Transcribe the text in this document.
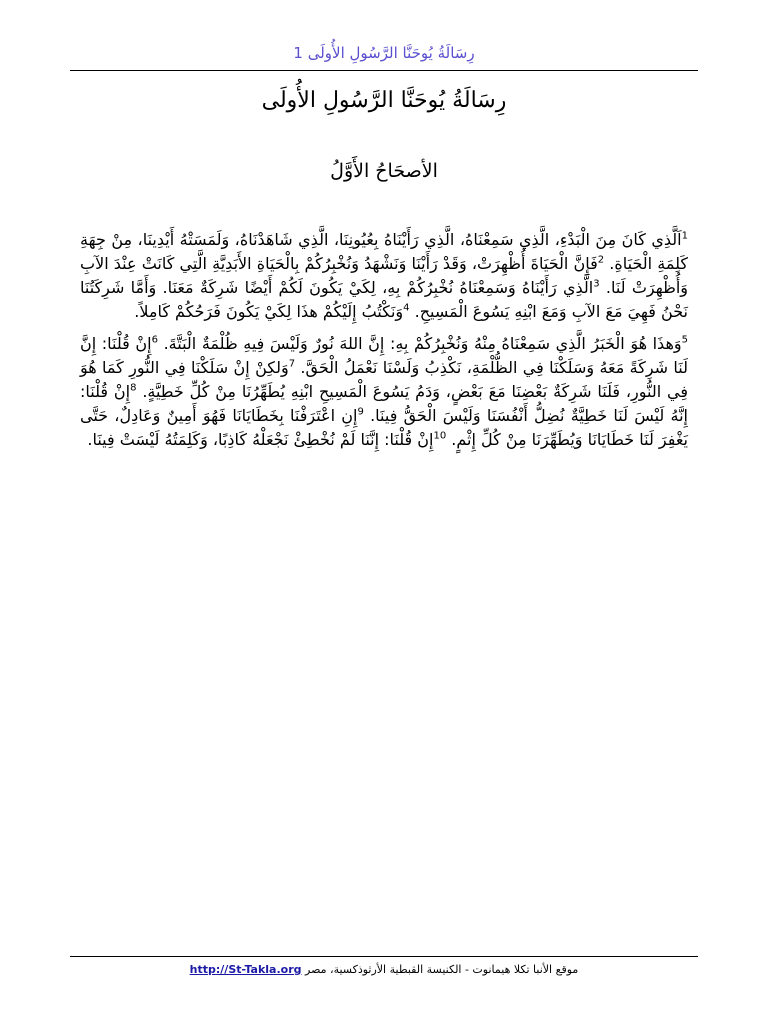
رِسَالَةُ يُوحَنَّا الرَّسُولِ الأُولَى 1
رِسَالَةُ يُوحَنَّا الرَّسُولِ الأُولَى
الأصحَاحُ الأَوَّلُ

$^1$اَلَّذِي كَانَ مِنَ الْبَدْءِ، الَّذِي سَمِعْنَاهُ، الَّذِي رَأَيْنَاهُ بِعُيُونِنَا، الَّذِي شَاهَدْنَاهُ، وَلَمَسَتْهُ أَيْدِينَا، مِنْ جِهَةِ كَلِمَةِ الْحَيَاةِ. $^2$فَإِنَّ الْحَيَاةَ أُظْهِرَتْ، وَقَدْ رَأَيْنَا وَنَشْهَدُ وَنُخْبِرُكُمْ بِالْحَيَاةِ الأَبَدِيَّةِ الَّتِي كَانَتْ عِنْدَ الآبِ وَأُظْهِرَتْ لَنَا. $^3$الَّذِي رَأَيْنَاهُ وَسَمِعْنَاهُ نُخْبِرُكُمْ بِهِ، لِكَيْ يَكُونَ لَكُمْ أَيْضًا شَرِكَةٌ مَعَنَا. وَأَمَّا شَرِكَتُنَا نَحْنُ فَهِيَ مَعَ الآبِ وَمَعَ ابْنِهِ يَسُوعَ الْمَسِيحِ. $^4$وَنَكْتُبُ إِلَيْكُمْ هذَا لِكَيْ يَكُونَ فَرَحُكُمْ كَامِلاً.

$^5$وَهذَا هُوَ الْخَبَرُ الَّذِي سَمِعْنَاهُ مِنْهُ وَنُخْبِرُكُمْ بِهِ: إِنَّ اللهَ نُورٌ وَلَيْسَ فِيهِ ظُلْمَةٌ الْبَتَّةَ. $^6$إِنْ قُلْنَا: إِنَّ لَنَا شَرِكَةً مَعَهُ وَسَلَكْنَا فِي الظُّلْمَةِ، نَكْذِبُ وَلَسْنَا نَعْمَلُ الْحَقَّ. $^7$وَلكِنْ إِنْ سَلَكْنَا فِي النُّورِ كَمَا هُوَ فِي النُّورِ، فَلَنَا شَرِكَةٌ بَعْضِنَا مَعَ بَعْضٍ، وَدَمُ يَسُوعَ الْمَسِيحِ ابْنِهِ يُطَهِّرُنَا مِنْ كُلِّ خَطِيَّةٍ. $^8$إِنْ قُلْنَا: إِنَّهُ لَيْسَ لَنَا خَطِيَّةٌ نُضِلُّ أَنْفُسَنَا وَلَيْسَ الْحَقُّ فِينَا. $^9$إِنِ اعْتَرَفْنَا بِخَطَايَانَا فَهُوَ أَمِينٌ وَعَادِلٌ، حَتَّى يَغْفِرَ لَنَا خَطَايَانَا وَيُطَهِّرَنَا مِنْ كُلِّ إِثْمٍ. $^{10}$إِنْ قُلْنَا: إِنَّنَا لَمْ نُخْطِئْ نَجْعَلْهُ كَاذِبًا، وَكَلِمَتُهُ لَيْسَتْ فِينَا.

موقع الأنبا تكلا هيمانوت - الكنيسة القبطية الأرثوذكسية، مصر http://St-Takla.org
